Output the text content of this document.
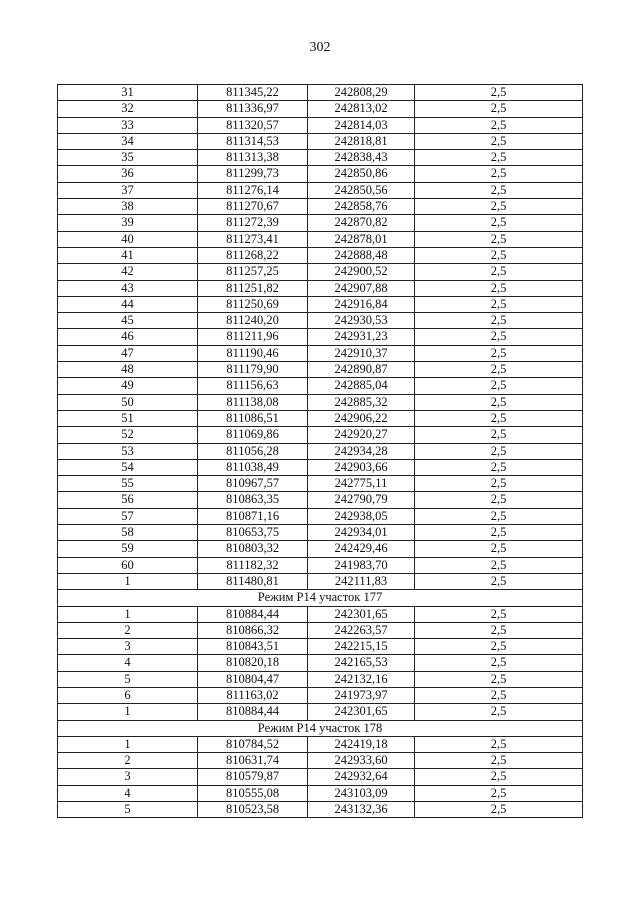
302
31	811345,22	242808,29	2,5
32	811336,97	242813,02	2,5
33	811320,57	242814,03	2,5
34	811314,53	242818,81	2,5
35	811313,38	242838,43	2,5
36	811299,73	242850,86	2,5
37	811276,14	242850,56	2,5
38	811270,67	242858,76	2,5
39	811272,39	242870,82	2,5
40	811273,41	242878,01	2,5
41	811268,22	242888,48	2,5
42	811257,25	242900,52	2,5
43	811251,82	242907,88	2,5
44	811250,69	242916,84	2,5
45	811240,20	242930,53	2,5
46	811211,96	242931,23	2,5
47	811190,46	242910,37	2,5
48	811179,90	242890,87	2,5
49	811156,63	242885,04	2,5
50	811138,08	242885,32	2,5
51	811086,51	242906,22	2,5
52	811069,86	242920,27	2,5
53	811056,28	242934,28	2,5
54	811038,49	242903,66	2,5
55	810967,57	242775,11	2,5
56	810863,35	242790,79	2,5
57	810871,16	242938,05	2,5
58	810653,75	242934,01	2,5
59	810803,32	242429,46	2,5
60	811182,32	241983,70	2,5
1	811480,81	242111,83	2,5
Режим Р14 участок 177			
1	810884,44	242301,65	2,5
2	810866,32	242263,57	2,5
3	810843,51	242215,15	2,5
4	810820,18	242165,53	2,5
5	810804,47	242132,16	2,5
6	811163,02	241973,97	2,5
1	810884,44	242301,65	2,5
Режим Р14 участок 178			
1	810784,52	242419,18	2,5
2	810631,74	242933,60	2,5
3	810579,87	242932,64	2,5
4	810555,08	243103,09	2,5
5	810523,58	243132,36	2,5
